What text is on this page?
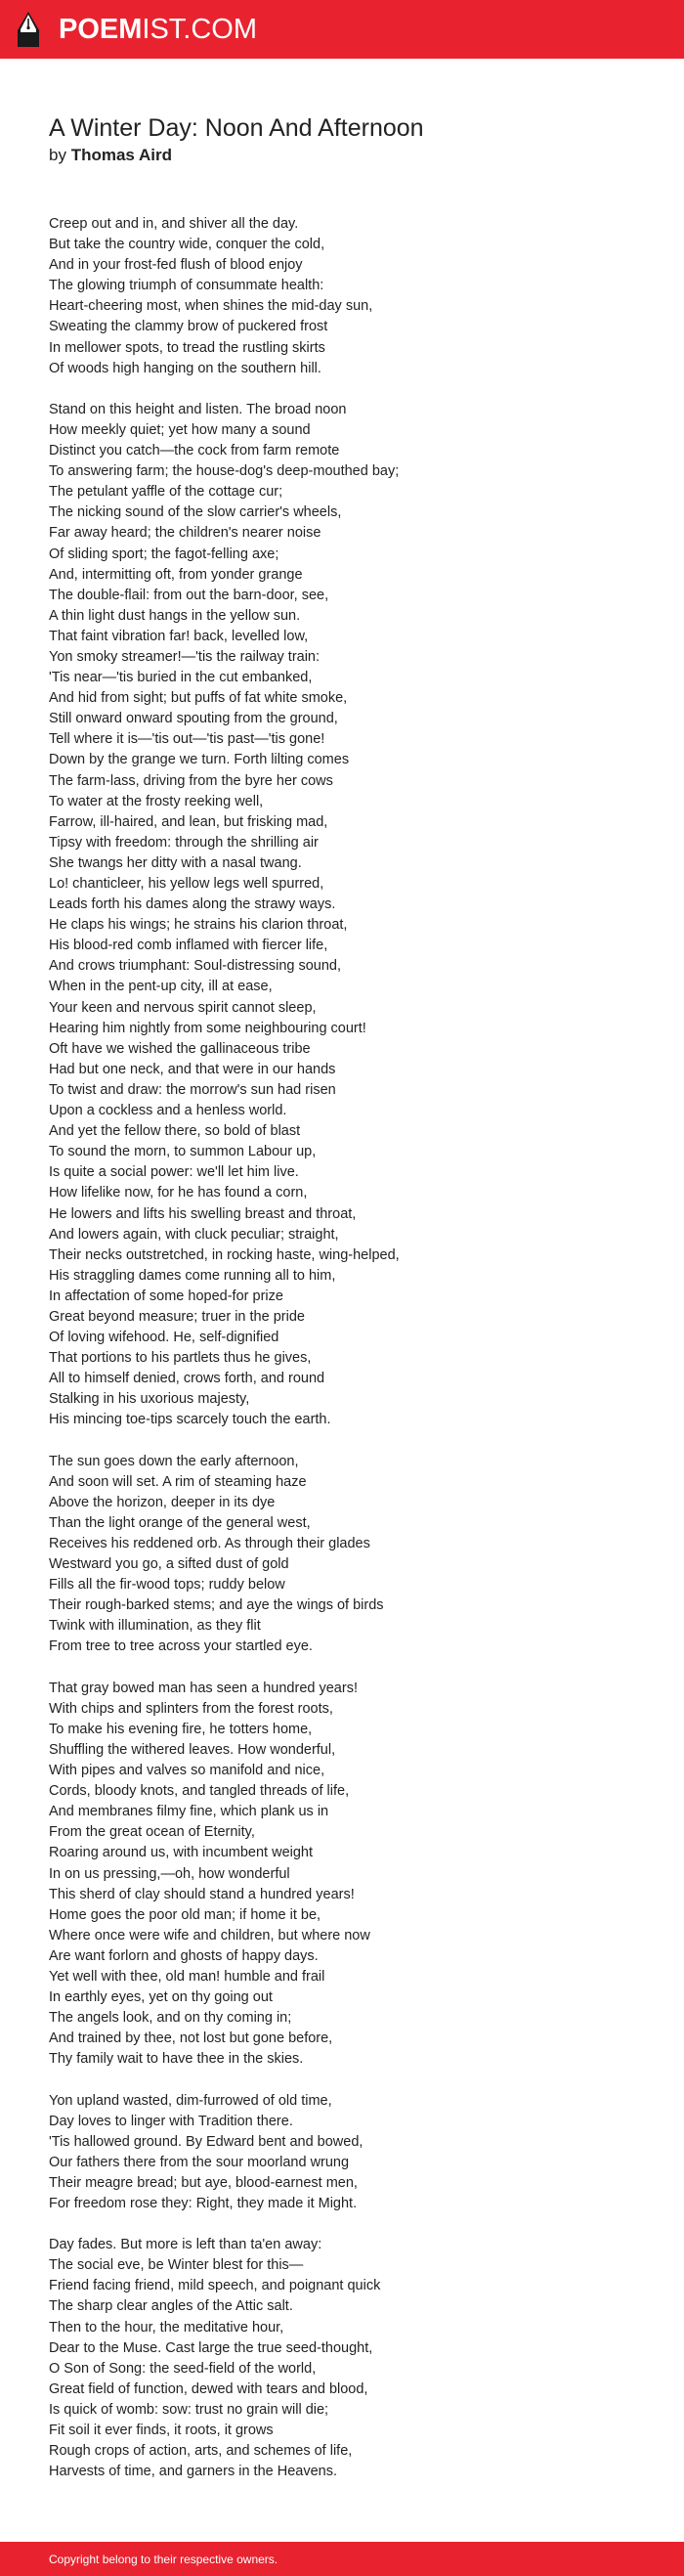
POEMIST.COM
A Winter Day: Noon And Afternoon
by Thomas Aird
Creep out and in, and shiver all the day.
But take the country wide, conquer the cold,
And in your frost-fed flush of blood enjoy
The glowing triumph of consummate health:
Heart-cheering most, when shines the mid-day sun,
Sweating the clammy brow of puckered frost
In mellower spots, to tread the rustling skirts
Of woods high hanging on the southern hill.
Stand on this height and listen. The broad noon
How meekly quiet; yet how many a sound
Distinct you catch—the cock from farm remote
To answering farm; the house-dog's deep-mouthed bay;
The petulant yaffle of the cottage cur;
The nicking sound of the slow carrier's wheels,
Far away heard; the children's nearer noise
Of sliding sport; the fagot-felling axe;
And, intermitting oft, from yonder grange
The double-flail: from out the barn-door, see,
A thin light dust hangs in the yellow sun.
That faint vibration far! back, levelled low,
Yon smoky streamer!—'tis the railway train:
'Tis near—'tis buried in the cut embanked,
And hid from sight; but puffs of fat white smoke,
Still onward onward spouting from the ground,
Tell where it is—'tis out—'tis past—'tis gone!
Down by the grange we turn. Forth lilting comes
The farm-lass, driving from the byre her cows
To water at the frosty reeking well,
Farrow, ill-haired, and lean, but frisking mad,
Tipsy with freedom: through the shrilling air
She twangs her ditty with a nasal twang.
Lo! chanticleer, his yellow legs well spurred,
Leads forth his dames along the strawy ways.
He claps his wings; he strains his clarion throat,
His blood-red comb inflamed with fiercer life,
And crows triumphant: Soul-distressing sound,
When in the pent-up city, ill at ease,
Your keen and nervous spirit cannot sleep,
Hearing him nightly from some neighbouring court!
Oft have we wished the gallinaceous tribe
Had but one neck, and that were in our hands
To twist and draw: the morrow's sun had risen
Upon a cockless and a henless world.
And yet the fellow there, so bold of blast
To sound the morn, to summon Labour up,
Is quite a social power: we'll let him live.
How lifelike now, for he has found a corn,
He lowers and lifts his swelling breast and throat,
And lowers again, with cluck peculiar; straight,
Their necks outstretched, in rocking haste, wing-helped,
His straggling dames come running all to him,
In affectation of some hoped-for prize
Great beyond measure; truer in the pride
Of loving wifehood. He, self-dignified
That portions to his partlets thus he gives,
All to himself denied, crows forth, and round
Stalking in his uxorious majesty,
His mincing toe-tips scarcely touch the earth.
The sun goes down the early afternoon,
And soon will set. A rim of steaming haze
Above the horizon, deeper in its dye
Than the light orange of the general west,
Receives his reddened orb. As through their glades
Westward you go, a sifted dust of gold
Fills all the fir-wood tops; ruddy below
Their rough-barked stems; and aye the wings of birds
Twink with illumination, as they flit
From tree to tree across your startled eye.
That gray bowed man has seen a hundred years!
With chips and splinters from the forest roots,
To make his evening fire, he totters home,
Shuffling the withered leaves. How wonderful,
With pipes and valves so manifold and nice,
Cords, bloody knots, and tangled threads of life,
And membranes filmy fine, which plank us in
From the great ocean of Eternity,
Roaring around us, with incumbent weight
In on us pressing,—oh, how wonderful
This sherd of clay should stand a hundred years!
Home goes the poor old man; if home it be,
Where once were wife and children, but where now
Are want forlorn and ghosts of happy days.
Yet well with thee, old man! humble and frail
In earthly eyes, yet on thy going out
The angels look, and on thy coming in;
And trained by thee, not lost but gone before,
Thy family wait to have thee in the skies.
Yon upland wasted, dim-furrowed of old time,
Day loves to linger with Tradition there.
'Tis hallowed ground. By Edward bent and bowed,
Our fathers there from the sour moorland wrung
Their meagre bread; but aye, blood-earnest men,
For freedom rose they: Right, they made it Might.
Day fades. But more is left than ta'en away:
The social eve, be Winter blest for this—
Friend facing friend, mild speech, and poignant quick
The sharp clear angles of the Attic salt.
Then to the hour, the meditative hour,
Dear to the Muse. Cast large the true seed-thought,
O Son of Song: the seed-field of the world,
Great field of function, dewed with tears and blood,
Is quick of womb: sow: trust no grain will die;
Fit soil it ever finds, it roots, it grows
Rough crops of action, arts, and schemes of life,
Harvests of time, and garners in the Heavens.
Copyright belong to their respective owners.
